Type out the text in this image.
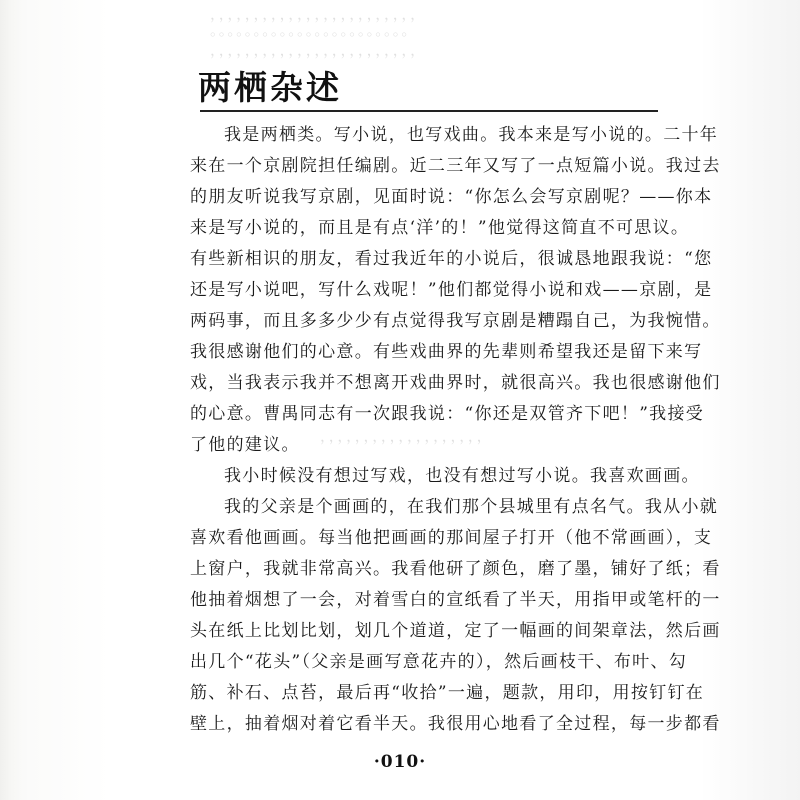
，，，，，，，，，，，，，，，，，，，，，，，，
。。。。。。。。。。。。。。。。。。。。。。。
，，，，，，，，，，，，，，，，，，，，，，，，
，，，，，，，，，，，，，，，，，，，
两栖杂述
我是两栖类。写小说，也写戏曲。我本来是写小说的。二十年
来在一个京剧院担任编剧。近二三年又写了一点短篇小说。我过去
的朋友听说我写京剧，见面时说：“你怎么会写京剧呢？——你本
来是写小说的，而且是有点‘洋’的！”他觉得这简直不可思议。
有些新相识的朋友，看过我近年的小说后，很诚恳地跟我说：“您
还是写小说吧，写什么戏呢！”他们都觉得小说和戏——京剧，是
两码事，而且多多少少有点觉得我写京剧是糟蹋自己，为我惋惜。
我很感谢他们的心意。有些戏曲界的先辈则希望我还是留下来写
戏，当我表示我并不想离开戏曲界时，就很高兴。我也很感谢他们
的心意。曹禺同志有一次跟我说：“你还是双管齐下吧！”我接受
了他的建议。
我小时候没有想过写戏，也没有想过写小说。我喜欢画画。
我的父亲是个画画的，在我们那个县城里有点名气。我从小就
喜欢看他画画。每当他把画画的那间屋子打开（他不常画画），支
上窗户，我就非常高兴。我看他研了颜色，磨了墨，铺好了纸；看
他抽着烟想了一会，对着雪白的宣纸看了半天，用指甲或笔杆的一
头在纸上比划比划，划几个道道，定了一幅画的间架章法，然后画
出几个“花头”（父亲是画写意花卉的），然后画枝干、布叶、勾
筋、补石、点苔，最后再“收拾”一遍，题款，用印，用按钉钉在
壁上，抽着烟对着它看半天。我很用心地看了全过程，每一步都看
·010·
